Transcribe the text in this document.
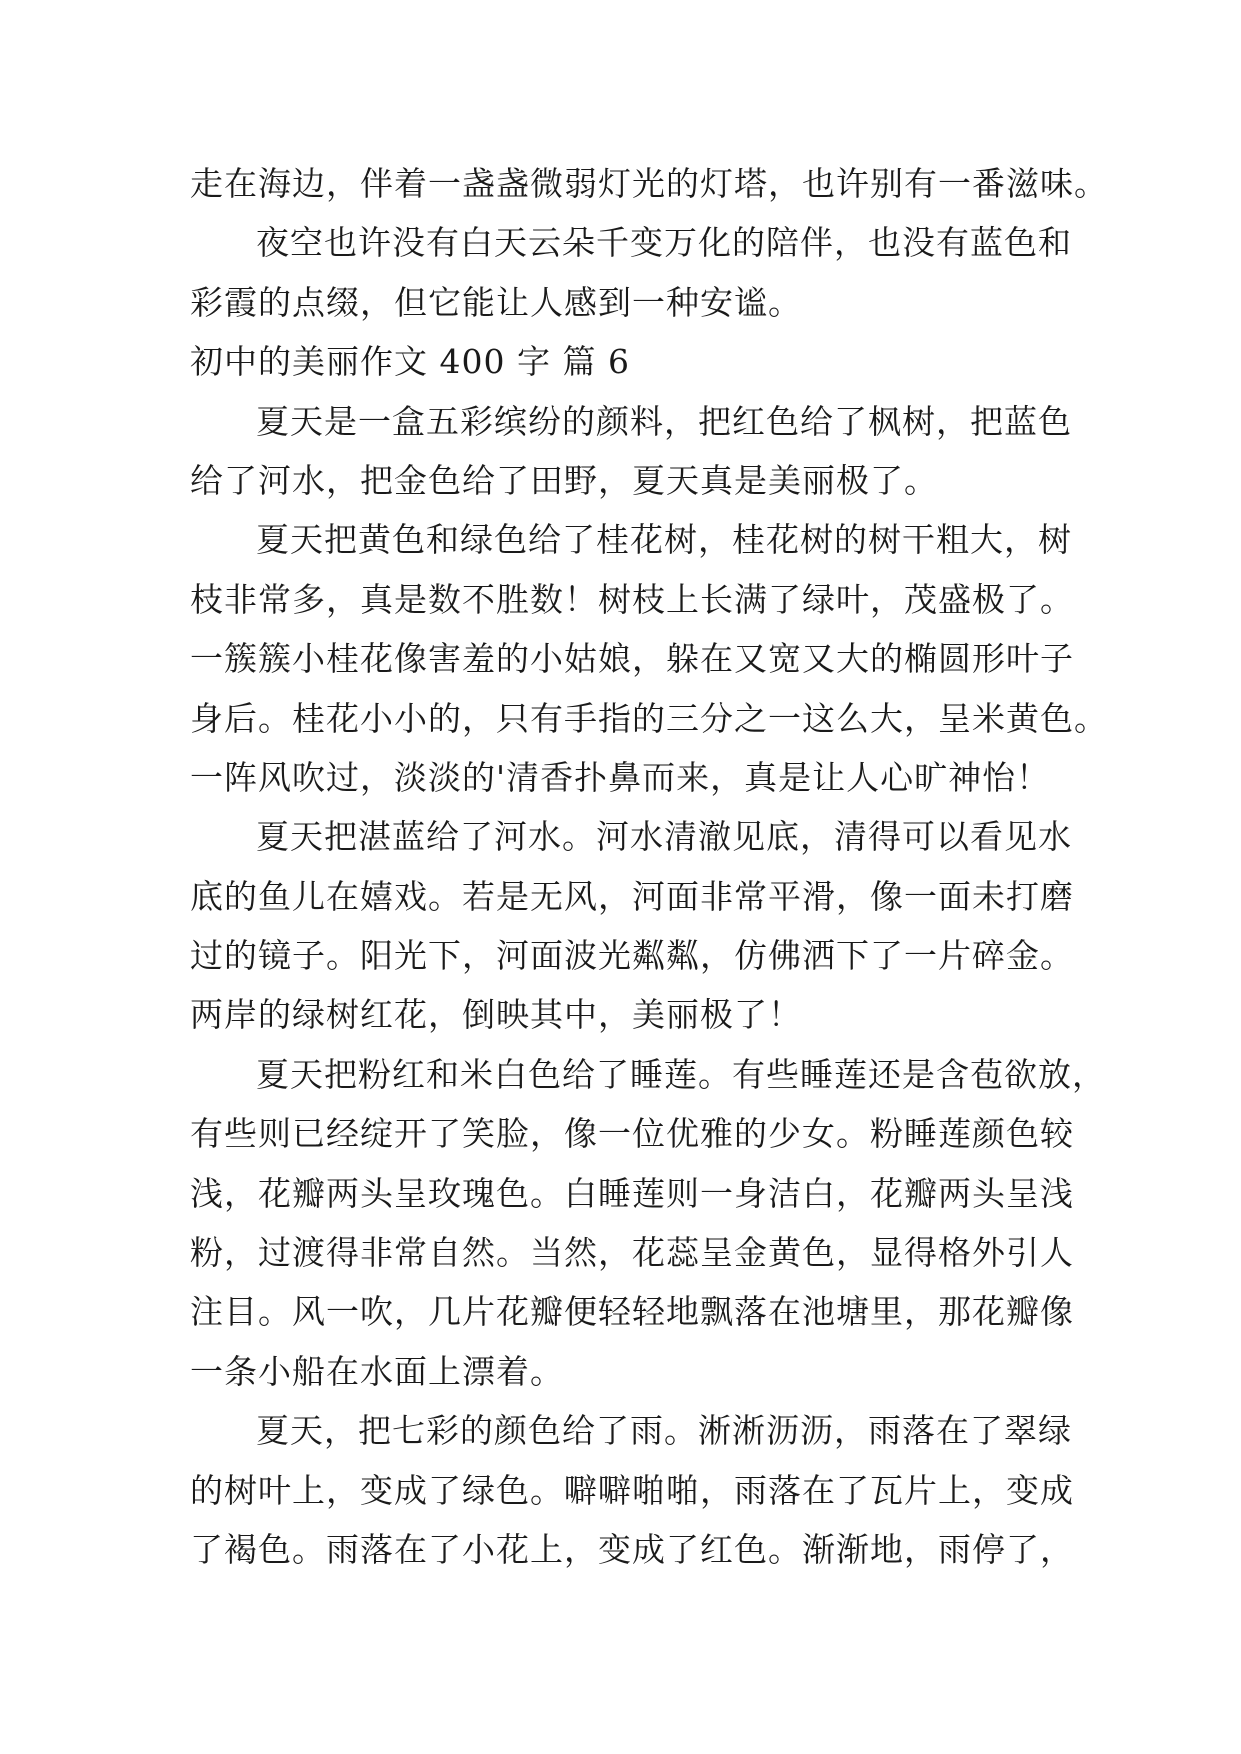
走在海边，伴着一盏盏微弱灯光的灯塔，也许别有一番滋味。
夜空也许没有白天云朵千变万化的陪伴，也没有蓝色和
彩霞的点缀，但它能让人感到一种安谧。
初中的美丽作文 400 字 篇 6
夏天是一盒五彩缤纷的颜料，把红色给了枫树，把蓝色
给了河水，把金色给了田野，夏天真是美丽极了。
夏天把黄色和绿色给了桂花树，桂花树的树干粗大，树
枝非常多，真是数不胜数！树枝上长满了绿叶，茂盛极了。
一簇簇小桂花像害羞的小姑娘，躲在又宽又大的椭圆形叶子
身后。桂花小小的，只有手指的三分之一这么大，呈米黄色。
一阵风吹过，淡淡的'清香扑鼻而来，真是让人心旷神怡！
夏天把湛蓝给了河水。河水清澈见底，清得可以看见水
底的鱼儿在嬉戏。若是无风，河面非常平滑，像一面未打磨
过的镜子。阳光下，河面波光粼粼，仿佛洒下了一片碎金。
两岸的绿树红花，倒映其中，美丽极了！
夏天把粉红和米白色给了睡莲。有些睡莲还是含苞欲放，
有些则已经绽开了笑脸，像一位优雅的少女。粉睡莲颜色较
浅，花瓣两头呈玫瑰色。白睡莲则一身洁白，花瓣两头呈浅
粉，过渡得非常自然。当然，花蕊呈金黄色，显得格外引人
注目。风一吹，几片花瓣便轻轻地飘落在池塘里，那花瓣像
一条小船在水面上漂着。
夏天，把七彩的颜色给了雨。淅淅沥沥，雨落在了翠绿
的树叶上，变成了绿色。噼噼啪啪，雨落在了瓦片上，变成
了褐色。雨落在了小花上，变成了红色。渐渐地，雨停了，
